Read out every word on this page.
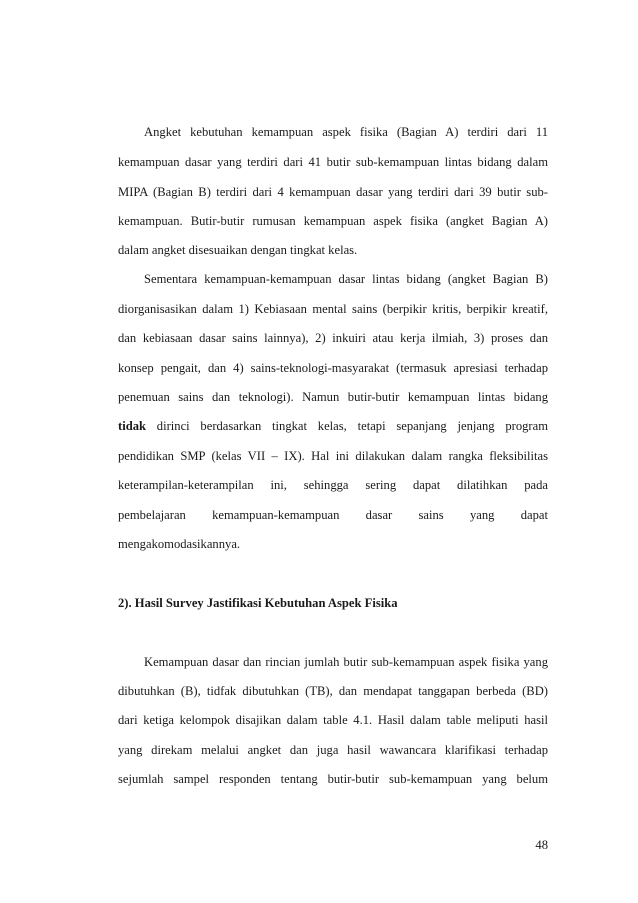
Angket kebutuhan kemampuan aspek fisika (Bagian A) terdiri dari 11

kemampuan dasar yang terdiri dari 41 butir sub-kemampuan lintas bidang dalam

MIPA (Bagian B) terdiri dari 4 kemampuan dasar yang terdiri dari 39 butir sub-

kemampuan. Butir-butir rumusan kemampuan aspek fisika (angket Bagian A)

dalam angket disesuaikan dengan tingkat kelas.

Sementara kemampuan-kemampuan dasar lintas bidang (angket Bagian B)

diorganisasikan dalam 1) Kebiasaan mental sains (berpikir kritis, berpikir kreatif,

dan kebiasaan dasar sains lainnya), 2) inkuiri atau kerja ilmiah, 3) proses dan

konsep pengait, dan 4) sains-teknologi-masyarakat (termasuk apresiasi terhadap

penemuan sains dan teknologi). Namun butir-butir kemampuan lintas bidang

tidak dirinci berdasarkan tingkat kelas, tetapi sepanjang jenjang program

pendidikan SMP (kelas VII – IX). Hal ini dilakukan dalam rangka fleksibilitas

keterampilan-keterampilan ini, sehingga sering dapat dilatihkan pada

pembelajaran kemampuan-kemampuan dasar sains yang dapat

mengakomodasikannya.

2). Hasil Survey Jastifikasi Kebutuhan Aspek Fisika

Kemampuan dasar dan rincian jumlah butir sub-kemampuan aspek fisika yang

dibutuhkan (B), tidfak dibutuhkan (TB), dan mendapat tanggapan berbeda (BD)

dari ketiga kelompok disajikan dalam table 4.1. Hasil dalam table meliputi hasil

yang direkam melalui angket dan juga hasil wawancara klarifikasi terhadap

sejumlah sampel responden tentang butir-butir sub-kemampuan yang belum

48
